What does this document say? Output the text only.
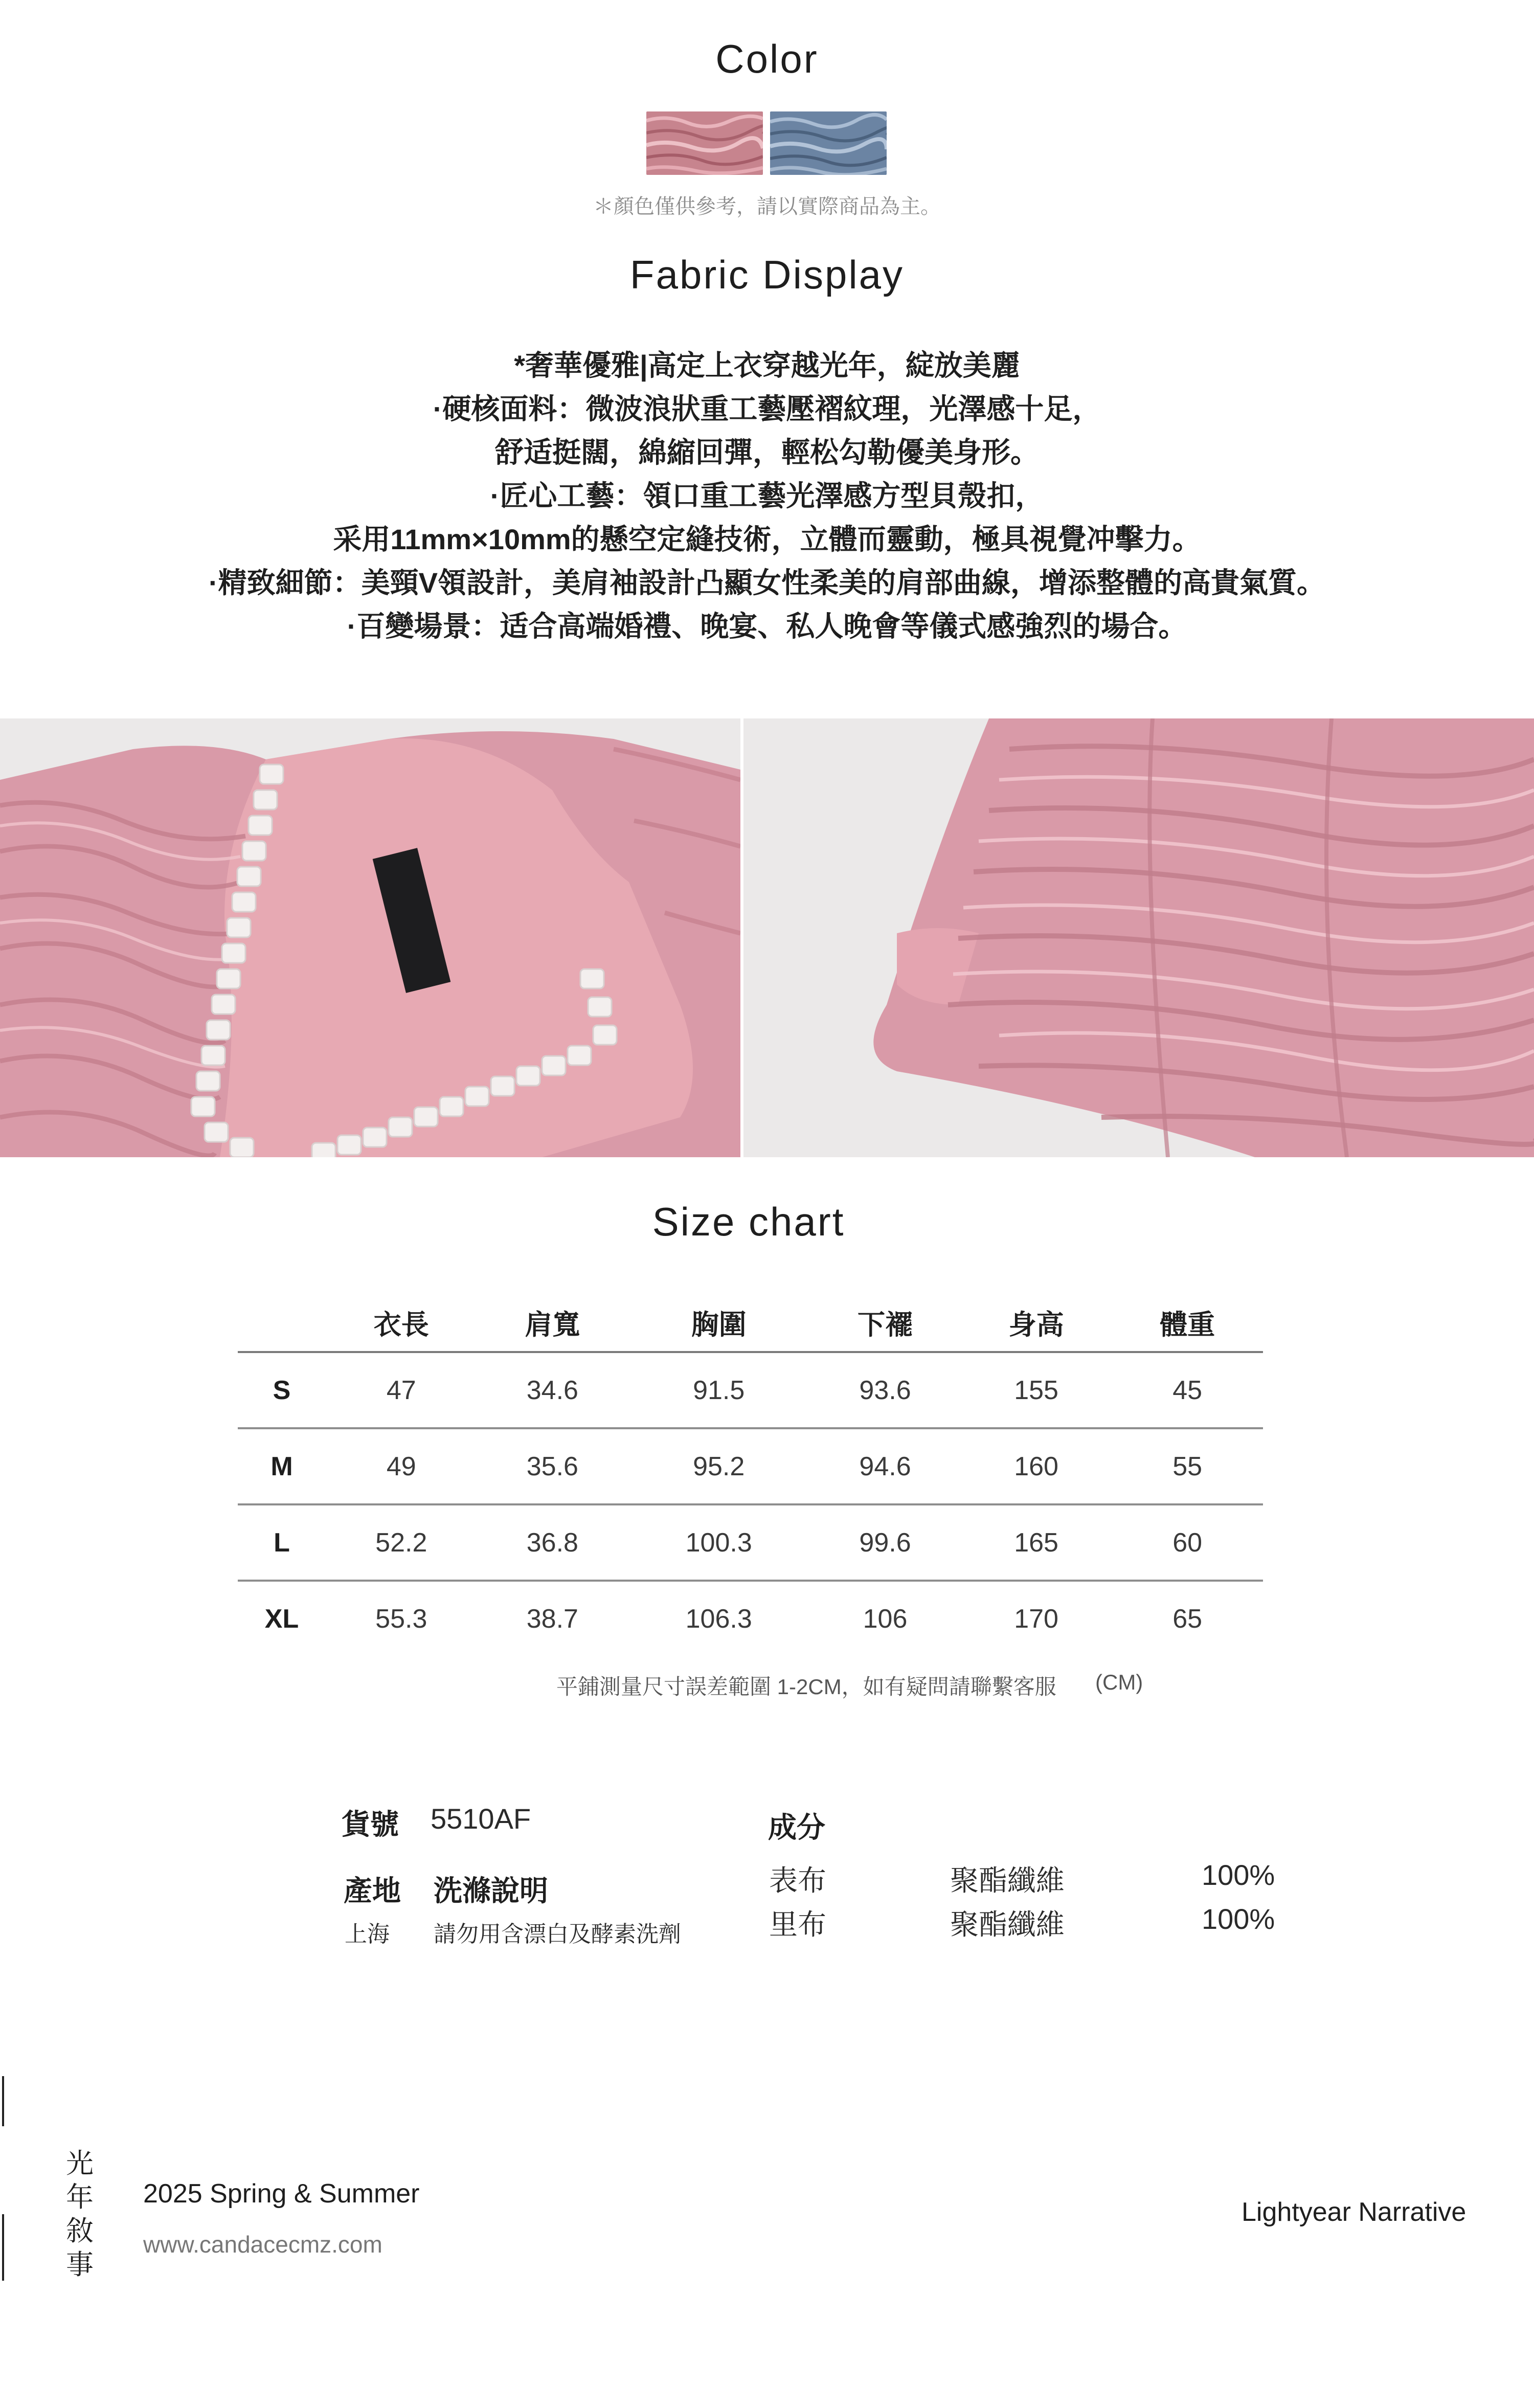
Color
＊顏色僅供參考，請以實際商品為主。
Fabric Display
*奢華優雅|高定上衣穿越光年，綻放美麗
·硬核面料：微波浪狀重工藝壓褶紋理，光澤感十足，
舒适挺闊，綿縮回彈，輕松勾勒優美身形。
·匠心工藝：領口重工藝光澤感方型貝殼扣，
采用11mm×10mm的懸空定縫技術，立體而靈動，極具視覺冲擊力。
·精致細節：美頸V領設計，美肩袖設計凸顯女性柔美的肩部曲線，增添整體的高貴氣質。
·百變場景：适合高端婚禮、晚宴、私人晚會等儀式感強烈的場合。
Size chart
	衣長	肩寬	胸圍	下襬	身高	體重
S	47	34.6	91.5	93.6	155	45
M	49	35.6	95.2	94.6	160	55
L	52.2	36.8	100.3	99.6	165	60
XL	55.3	38.7	106.3	106	170	65
平鋪測量尺寸誤差範圍 1-2CM，如有疑問請聯繫客服 (CM)
貨號 5510AF
產地 洗滌說明
上海 請勿用含漂白及酵素洗劑
成分
表布	聚酯纖維	100%
里布	聚酯纖維	100%
光
年
敘
事
2025 Spring & Summer
www.candacecmz.com
Lightyear Narrative
